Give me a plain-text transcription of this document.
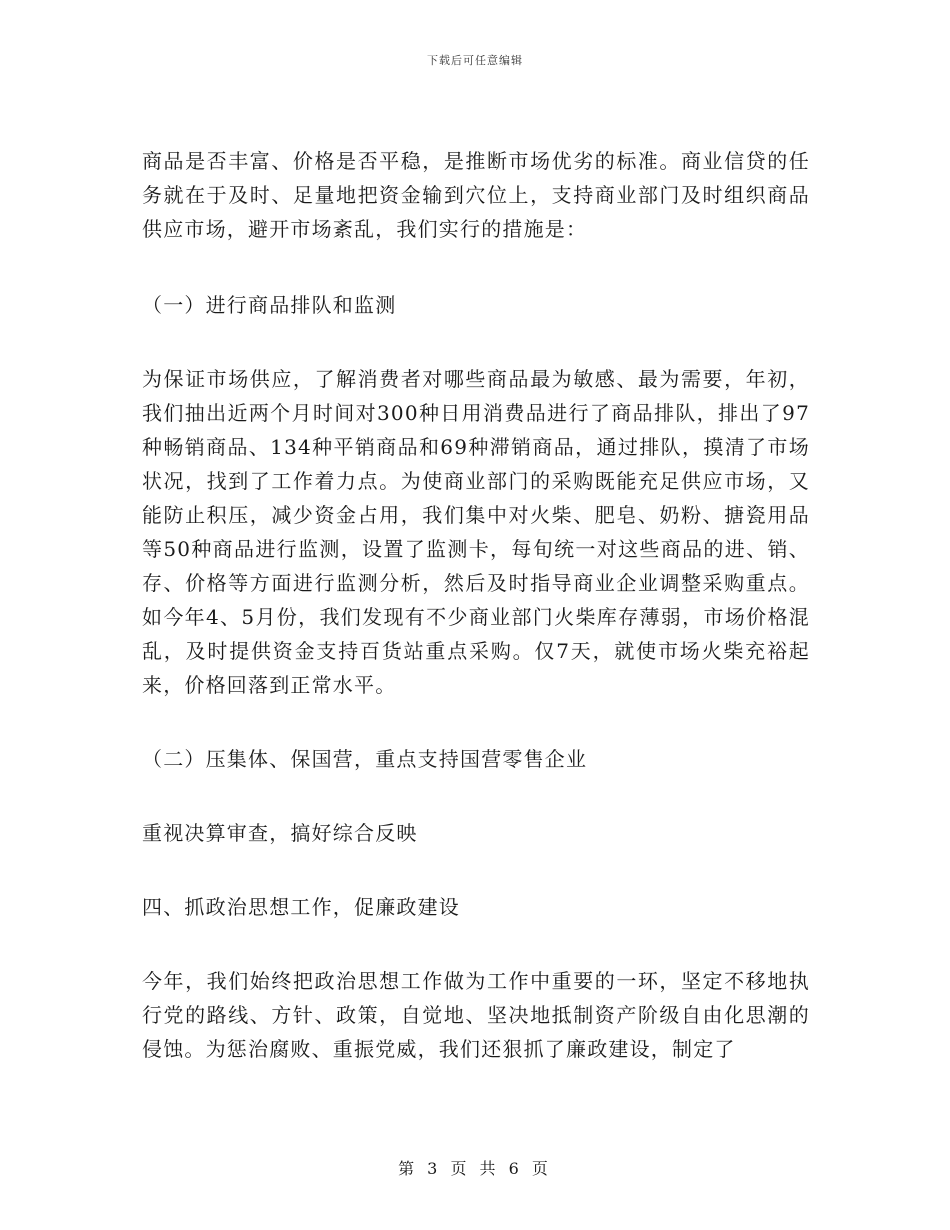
下载后可任意编辑

商品是否丰富、价格是否平稳，是推断市场优劣的标准。商业信贷的任务就在于及时、足量地把资金输到穴位上，支持商业部门及时组织商品供应市场，避开市场紊乱，我们实行的措施是：

（一）进行商品排队和监测

为保证市场供应，了解消费者对哪些商品最为敏感、最为需要，年初，我们抽出近两个月时间对300种日用消费品进行了商品排队，排出了97种畅销商品、134种平销商品和69种滞销商品，通过排队，摸清了市场状况，找到了工作着力点。为使商业部门的采购既能充足供应市场，又能防止积压，减少资金占用，我们集中对火柴、肥皂、奶粉、搪瓷用品等50种商品进行监测，设置了监测卡，每旬统一对这些商品的进、销、存、价格等方面进行监测分析，然后及时指导商业企业调整采购重点。如今年4、5月份，我们发现有不少商业部门火柴库存薄弱，市场价格混乱，及时提供资金支持百货站重点采购。仅7天，就使市场火柴充裕起来，价格回落到正常水平。

（二）压集体、保国营，重点支持国营零售企业

重视决算审查，搞好综合反映

四、抓政治思想工作，促廉政建设

今年，我们始终把政治思想工作做为工作中重要的一环，坚定不移地执行党的路线、方针、政策，自觉地、坚决地抵制资产阶级自由化思潮的侵蚀。为惩治腐败、重振党威，我们还狠抓了廉政建设，制定了

第 3 页 共 6 页
